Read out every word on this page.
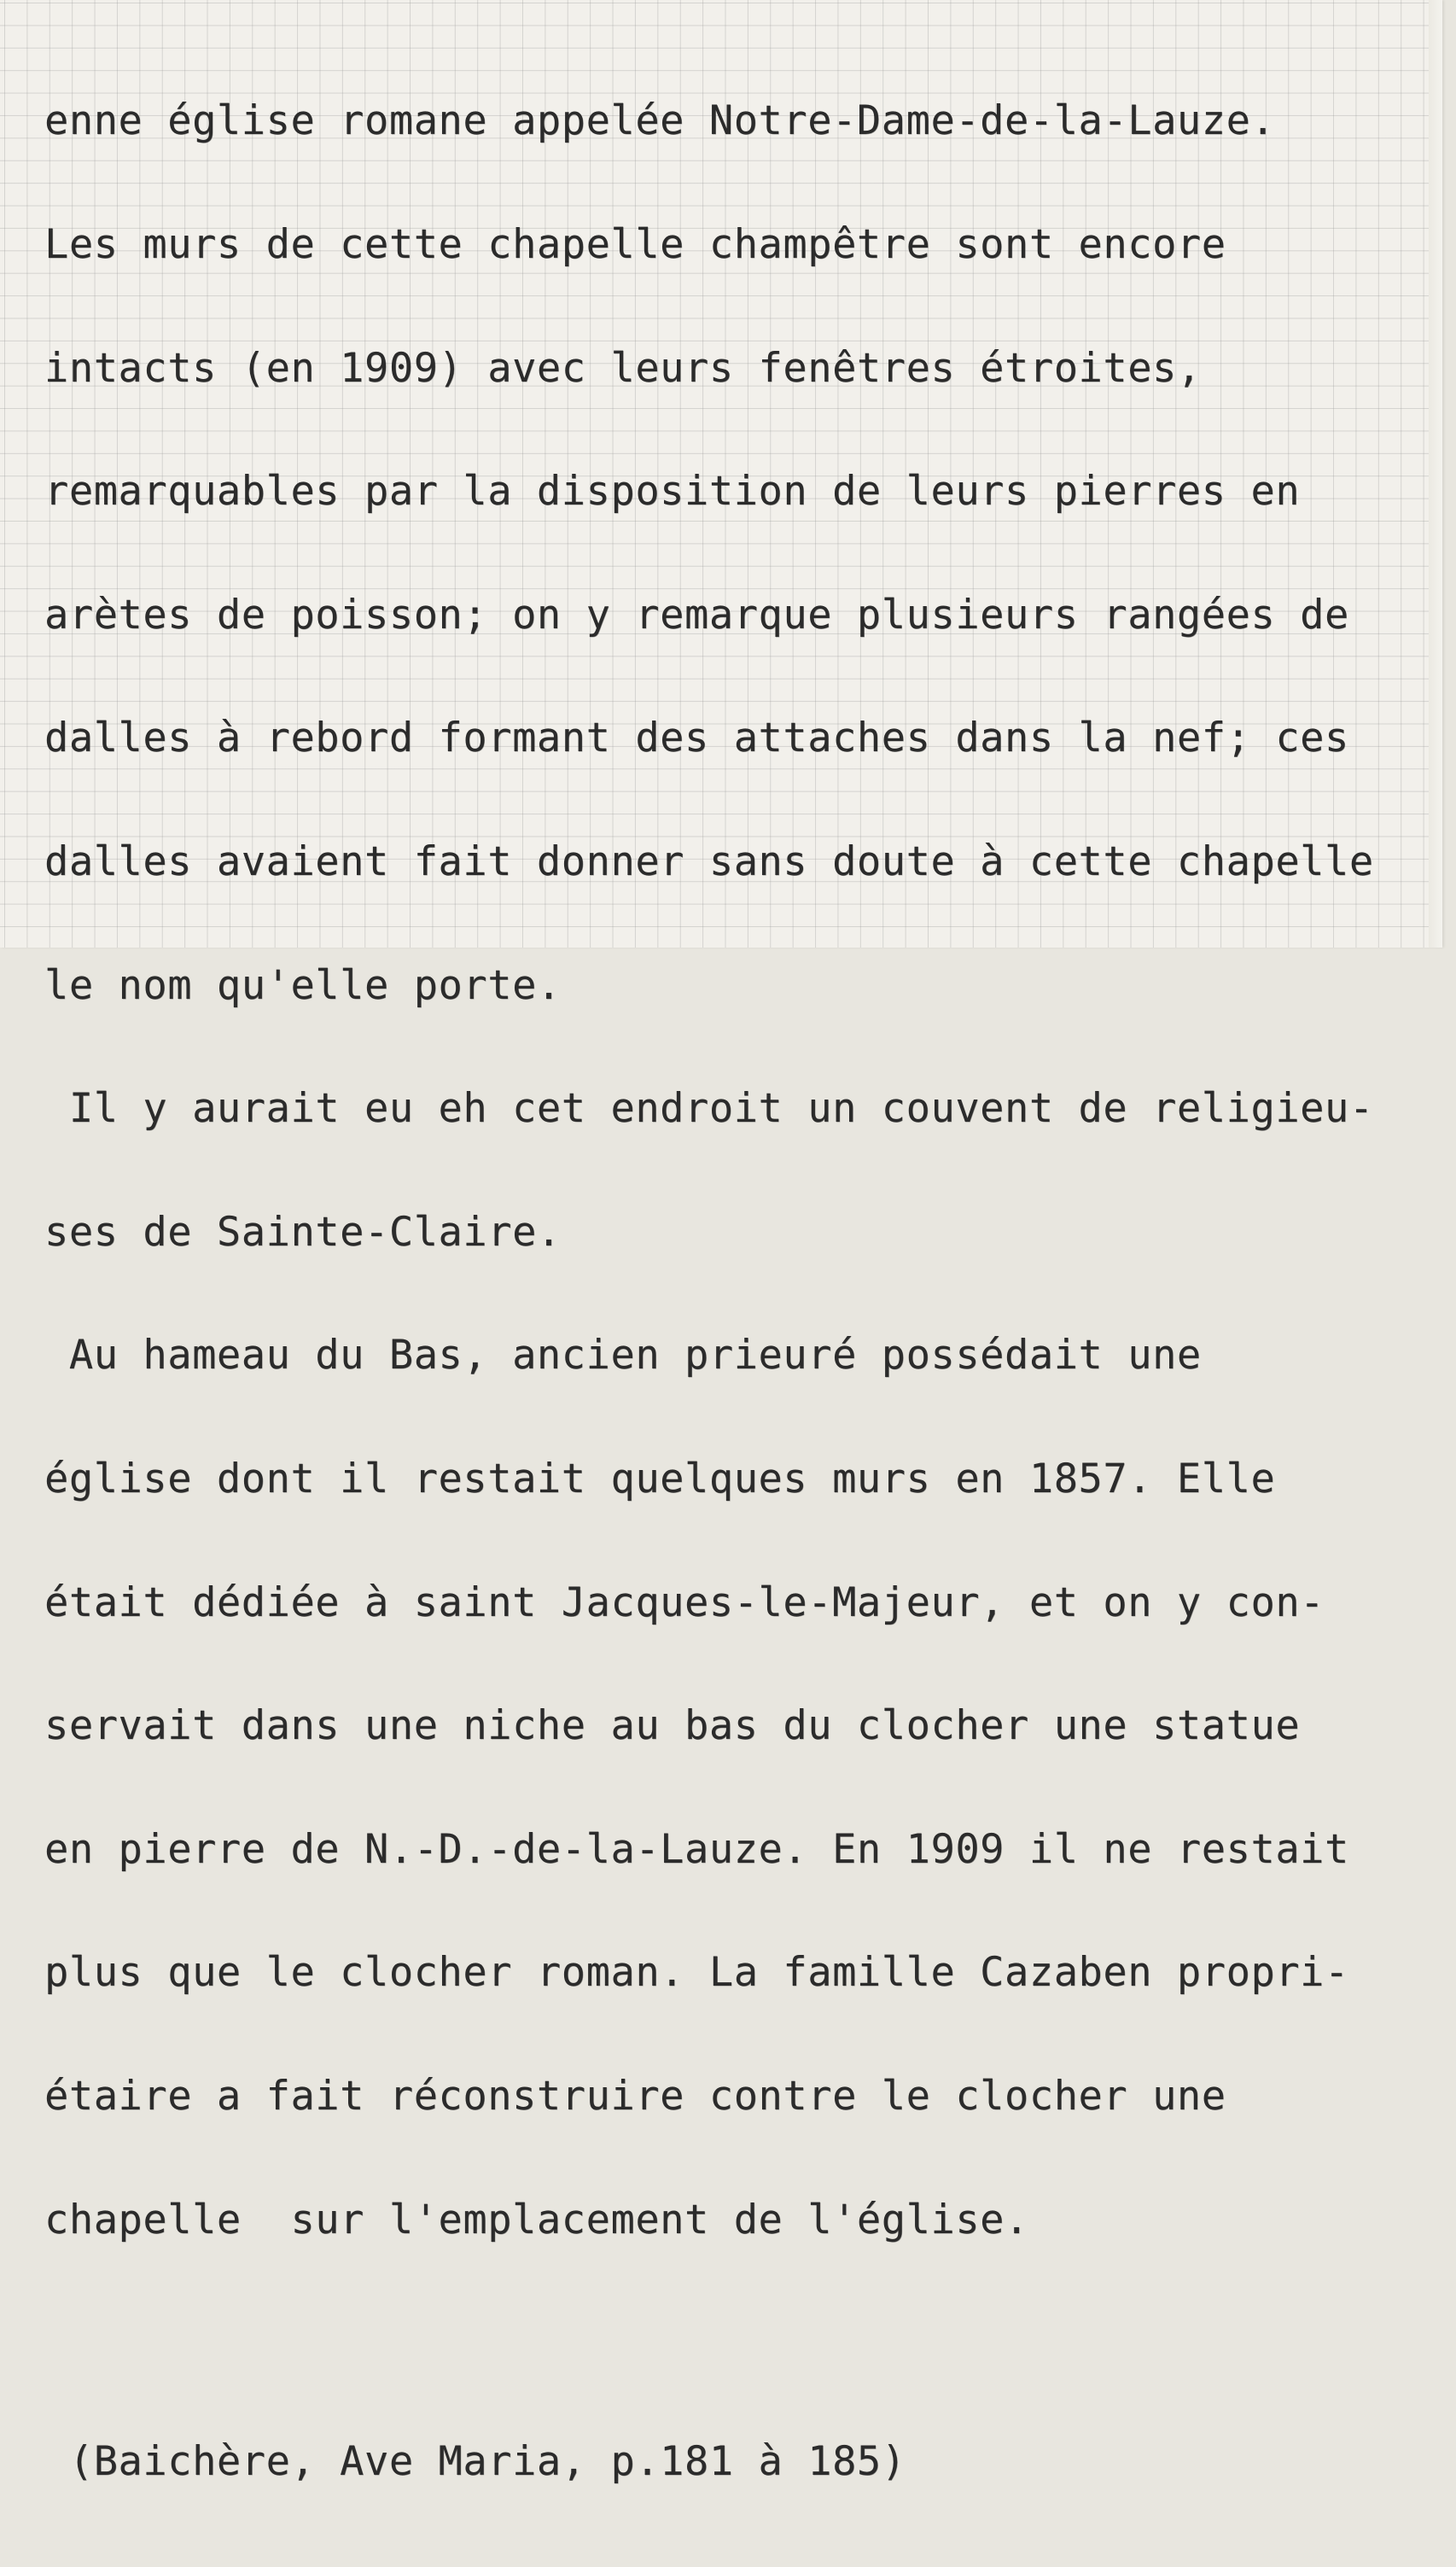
enne église romane appelée Notre-Dame-de-la-Lauze.

Les murs de cette chapelle champêtre sont encore

intacts (en 1909) avec leurs fenêtres étroites,

remarquables par la disposition de leurs pierres en

arètes de poisson; on y remarque plusieurs rangées de

dalles à rebord formant des attaches dans la nef; ces

dalles avaient fait donner sans doute à cette chapelle

le nom qu'elle porte.

Il y aurait eu eh cet endroit un couvent de religieu-

ses de Sainte-Claire.

Au hameau du Bas, ancien prieuré possédait une

église dont il restait quelques murs en 1857. Elle

était dédiée à saint Jacques-le-Majeur, et on y con-

servait dans une niche au bas du clocher une statue

en pierre de N.-D.-de-la-Lauze. En 1909 il ne restait

plus que le clocher roman. La famille Cazaben propri-

étaire a fait réconstruire contre le clocher une

chapelle  sur l'emplacement de l'église.

(Baichère, Ave Maria, p.181 à 185)
